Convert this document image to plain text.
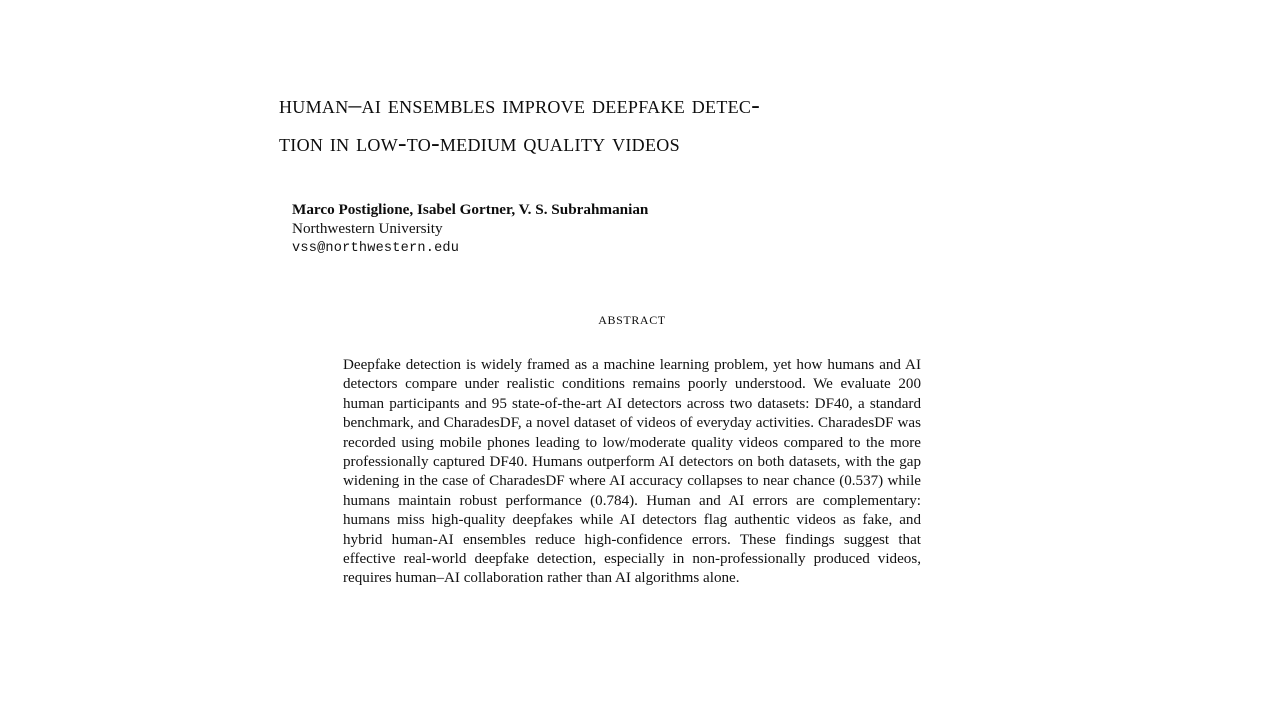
human–ai ensembles improve deepfake detec-
tion in low-to-medium quality videos
Marco Postiglione, Isabel Gortner, V. S. Subrahmanian
Northwestern University
vss@northwestern.edu
abstract
Deepfake detection is widely framed as a machine learning problem, yet how humans and AI detectors compare under realistic conditions remains poorly understood. We evaluate 200 human participants and 95 state-of-the-art AI detectors across two datasets: DF40, a standard benchmark, and CharadesDF, a novel dataset of videos of everyday activities. CharadesDF was recorded using mobile phones leading to low/moderate quality videos compared to the more professionally captured DF40. Humans outperform AI detectors on both datasets, with the gap widening in the case of CharadesDF where AI accuracy collapses to near chance (0.537) while humans maintain robust performance (0.784). Human and AI errors are complementary: humans miss high-quality deepfakes while AI detectors flag authentic videos as fake, and hybrid human-AI ensembles reduce high-confidence errors. These findings suggest that effective real-world deepfake detection, especially in non-professionally produced videos, requires human–AI collaboration rather than AI algorithms alone.
